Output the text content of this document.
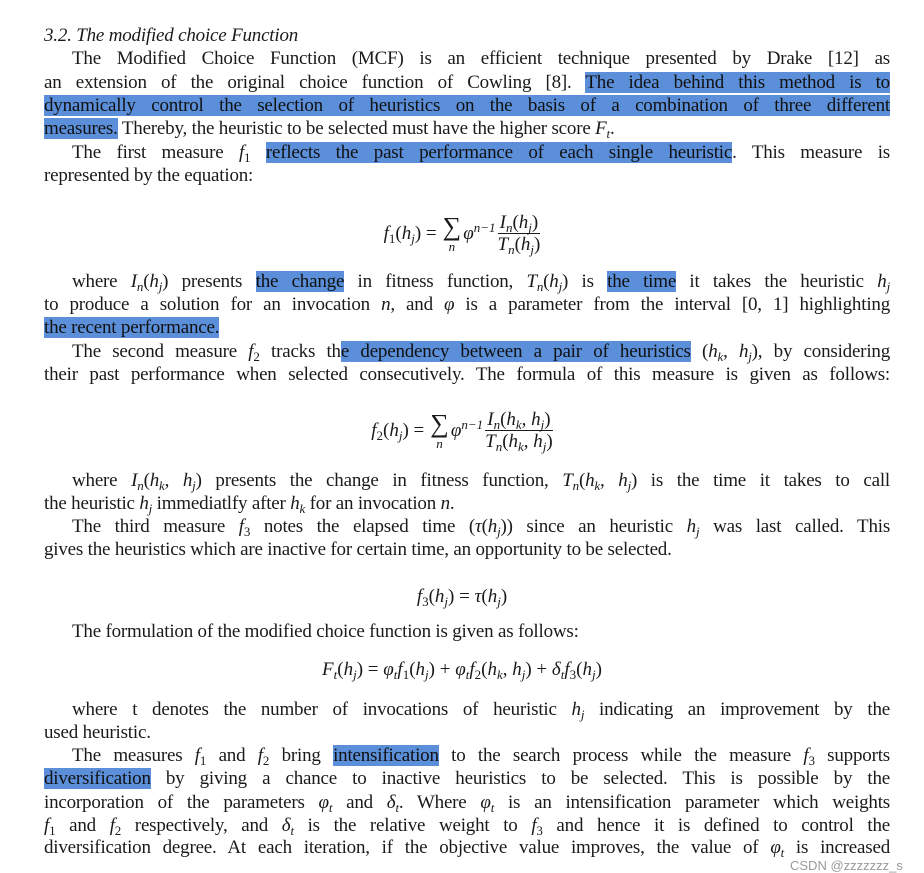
3.2. The modified choice Function
The Modified Choice Function (MCF) is an efficient technique presented by Drake [12] as
an extension of the original choice function of Cowling [8]. The idea behind this method is to
dynamically control the selection of heuristics on the basis of a combination of three different
measures. Thereby, the heuristic to be selected must have the higher score $F_t$.
The first measure $f_1$ reflects the past performance of each single heuristic. This measure is
represented by the equation:
where $I_n(h_j)$ presents the change in fitness function, $T_n(h_j)$ is the time it takes the heuristic $h_j$
to produce a solution for an invocation n, and φ is a parameter from the interval [0, 1] highlighting
the recent performance.
The second measure $f_2$ tracks the dependency between a pair of heuristics ($h_k$, $h_j$), by considering
their past performance when selected consecutively. The formula of this measure is given as follows:
where $I_n(h_k$, $h_j$) presents the change in fitness function, $T_n(h_k$, $h_j$) is the time it takes to call
the heuristic $h_j$ immediatlfy after $h_k$ for an invocation n.
The third measure $f_3$ notes the elapsed time $(\tau(h_j))$ since an heuristic $h_j$ was last called. This
gives the heuristics which are inactive for certain time, an opportunity to be selected.
The formulation of the modified choice function is given as follows:
where t denotes the number of invocations of heuristic $h_j$ indicating an improvement by the
used heuristic.
The measures $f_1$ and $f_2$ bring intensification to the search process while the measure $f_3$ supports
diversification by giving a chance to inactive heuristics to be selected. This is possible by the
incorporation of the parameters $\varphi_t$ and $\delta_t$. Where $\varphi_t$ is an intensification parameter which weights
$f_1$ and $f_2$ respectively, and $\delta_t$ is the relative weight to $f_3$ and hence it is defined to control the
diversification degree. At each iteration, if the objective value improves, the value of $\varphi_t$ is increased
$f_1(h_j)$ = ∑
n
$\varphi^{n-1} \frac{I_n(h_j)}{T_n(h_j)}$
$f_2(h_j)$ = ∑
n
$\varphi^{n-1} \frac{I_n(h_k, h_j)}{T_n(h_k, h_j)}$
$f_3(h_j) = \tau(h_j)$
$F_t(h_j) = \varphi_tf_1(h_j) + \varphi_tf_2(h_k$, $h_j) + \delta_tf_3(h_j)$
CSDN @zzzzzzz_s
